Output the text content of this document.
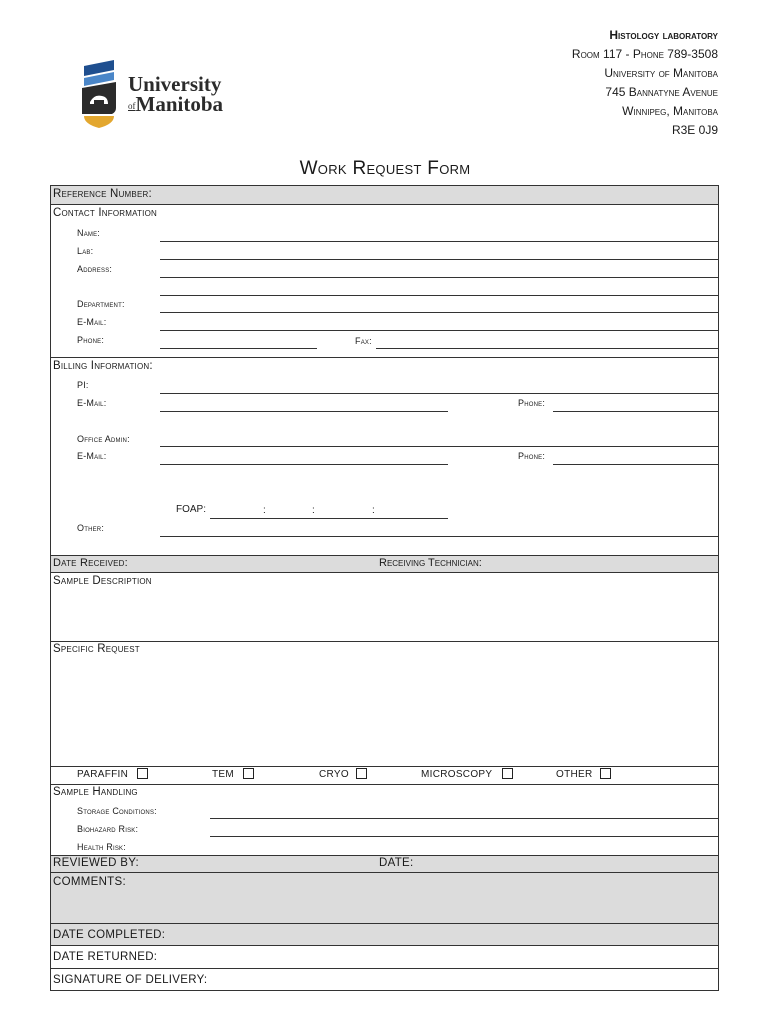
University
ofManitoba
Histology laboratory
Room 117 - Phone 789-3508
University of Manitoba
745 Bannatyne Avenue
Winnipeg, Manitoba
R3E 0J9
Work Request Form
Reference Number:
Contact Information
Name:
Lab:
Address:
Department:
E-Mail:
Phone:	Fax:
Billing Information:
PI:
E-Mail:	Phone:
Office Admin:
E-Mail:	Phone:
FOAP:	:	:	:
Other:
Date Received:	Receiving Technician:
Sample Description
Specific Request
PARAFFIN	TEM	CRYO	MICROSCOPY	OTHER
Sample Handling
Storage Conditions:
Biohazard Risk:
Health Risk:
REVIEWED BY:	DATE:
COMMENTS:
DATE COMPLETED:
DATE RETURNED:
SIGNATURE OF DELIVERY:
